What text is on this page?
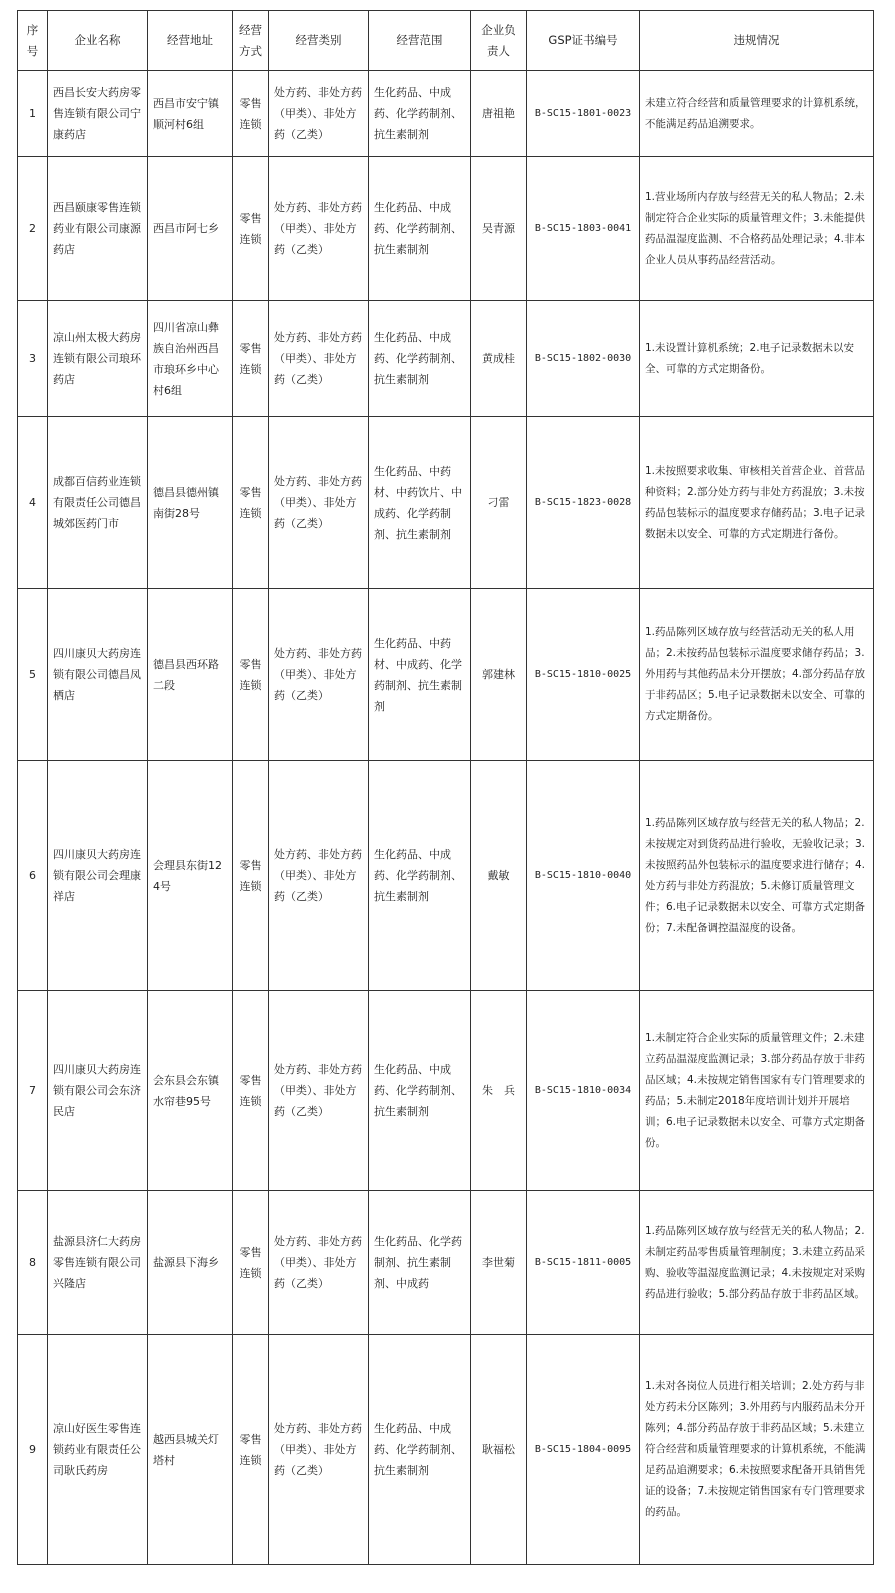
序号	企业名称	经营地址	经营方式	经营类别	经营范围	企业负责人	GSP证书编号	违规情况
1	西昌长安大药房零售连锁有限公司宁康药店	西昌市安宁镇顺河村6组	零售连锁	处方药、非处方药（甲类）、非处方药（乙类）	生化药品、中成药、化学药制剂、抗生素制剂	唐祖艳	B-SC15-1801-0023	未建立符合经营和质量管理要求的计算机系统，不能满足药品追溯要求。
2	西昌颐康零售连锁药业有限公司康源药店	西昌市阿七乡	零售连锁	处方药、非处方药（甲类）、非处方药（乙类）	生化药品、中成药、化学药制剂、抗生素制剂	吴青源	B-SC15-1803-0041	1.营业场所内存放与经营无关的私人物品；2.未制定符合企业实际的质量管理文件；3.未能提供药品温湿度监测、不合格药品处理记录；4.非本企业人员从事药品经营活动。
3	凉山州太极大药房连锁有限公司琅环药店	四川省凉山彝族自治州西昌市琅环乡中心村6组	零售连锁	处方药、非处方药（甲类）、非处方药（乙类）	生化药品、中成药、化学药制剂、抗生素制剂	黄成桂	B-SC15-1802-0030	1.未设置计算机系统；2.电子记录数据未以安全、可靠的方式定期备份。
4	成都百信药业连锁有限责任公司德昌城郊医药门市	德昌县德州镇南街28号	零售连锁	处方药、非处方药（甲类）、非处方药（乙类）	生化药品、中药材、中药饮片、中成药、化学药制剂、抗生素制剂	刁雷	B-SC15-1823-0028	1.未按照要求收集、审核相关首营企业、首营品种资料；2.部分处方药与非处方药混放；3.未按药品包装标示的温度要求存储药品；3.电子记录数据未以安全、可靠的方式定期进行备份。
5	四川康贝大药房连锁有限公司德昌凤栖店	德昌县西环路二段	零售连锁	处方药、非处方药（甲类）、非处方药（乙类）	生化药品、中药材、中成药、化学药制剂、抗生素制剂	郭建林	B-SC15-1810-0025	1.药品陈列区域存放与经营活动无关的私人用品；2.未按药品包装标示温度要求储存药品；3.外用药与其他药品未分开摆放；4.部分药品存放于非药品区；5.电子记录数据未以安全、可靠的方式定期备份。
6	四川康贝大药房连锁有限公司会理康祥店	会理县东街124号	零售连锁	处方药、非处方药（甲类）、非处方药（乙类）	生化药品、中成药、化学药制剂、抗生素制剂	戴敏	B-SC15-1810-0040	1.药品陈列区域存放与经营无关的私人物品；2.未按规定对到货药品进行验收，无验收记录；3.未按照药品外包装标示的温度要求进行储存；4.处方药与非处方药混放；5.未修订质量管理文件；6.电子记录数据未以安全、可靠方式定期备份；7.未配备调控温湿度的设备。
7	四川康贝大药房连锁有限公司会东济民店	会东县会东镇水帘巷95号	零售连锁	处方药、非处方药（甲类）、非处方药（乙类）	生化药品、中成药、化学药制剂、抗生素制剂	朱　兵	B-SC15-1810-0034	1.未制定符合企业实际的质量管理文件；2.未建立药品温湿度监测记录；3.部分药品存放于非药品区域；4.未按规定销售国家有专门管理要求的药品；5.未制定2018年度培训计划并开展培训；6.电子记录数据未以安全、可靠方式定期备份。
8	盐源县济仁大药房零售连锁有限公司兴隆店	盐源县下海乡	零售连锁	处方药、非处方药（甲类）、非处方药（乙类）	生化药品、化学药制剂、抗生素制剂、中成药	李世菊	B-SC15-1811-0005	1.药品陈列区域存放与经营无关的私人物品；2.未制定药品零售质量管理制度；3.未建立药品采购、验收等温湿度监测记录；4.未按规定对采购药品进行验收；5.部分药品存放于非药品区域。
9	凉山好医生零售连锁药业有限责任公司耿氏药房	越西县城关灯塔村	零售连锁	处方药、非处方药（甲类）、非处方药（乙类）	生化药品、中成药、化学药制剂、抗生素制剂	耿福松	B-SC15-1804-0095	1.未对各岗位人员进行相关培训；2.处方药与非处方药未分区陈列；3.外用药与内服药品未分开陈列；4.部分药品存放于非药品区域；5.未建立符合经营和质量管理要求的计算机系统，不能满足药品追溯要求；6.未按照要求配备开具销售凭证的设备；7.未按规定销售国家有专门管理要求的药品。
